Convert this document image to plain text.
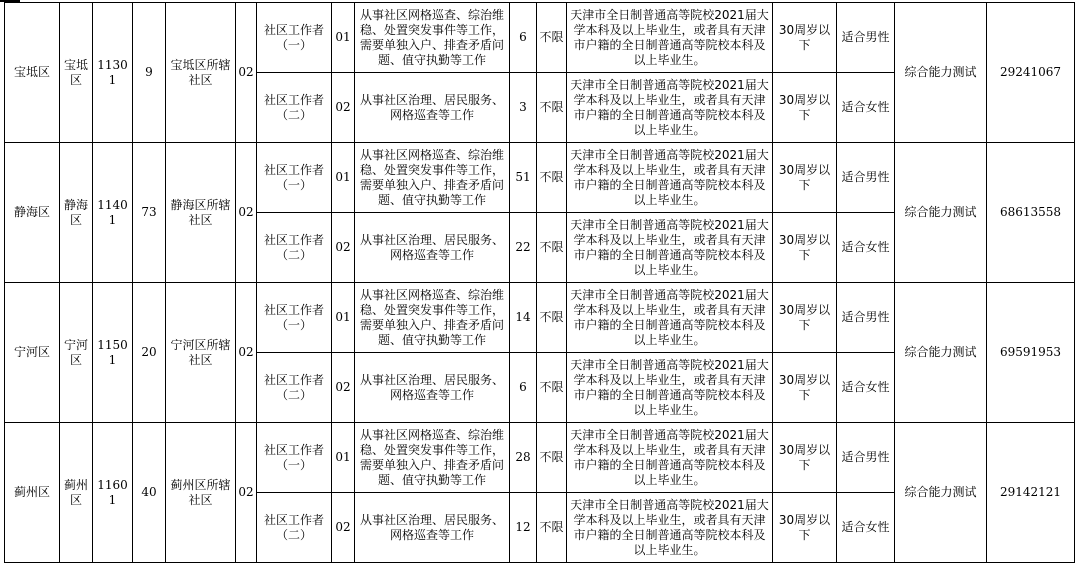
宝坻区	宝坻区	11301	9	宝坻区所辖社区	02	社区工作者（一）	01	从事社区网格巡查、综治维稳、处置突发事件等工作，需要单独入户、排查矛盾问题、值守执勤等工作	6	不限	天津市全日制普通高等院校2021届大学本科及以上毕业生，或者具有天津市户籍的全日制普通高等院校本科及以上毕业生。	30周岁以下	适合男性	综合能力测试	29241067
						社区工作者（二）	02	从事社区治理、居民服务、网格巡查等工作	3	不限	天津市全日制普通高等院校2021届大学本科及以上毕业生，或者具有天津市户籍的全日制普通高等院校本科及以上毕业生。	30周岁以下	适合女性		
静海区	静海区	11401	73	静海区所辖社区	02	社区工作者（一）	01	从事社区网格巡查、综治维稳、处置突发事件等工作，需要单独入户、排查矛盾问题、值守执勤等工作	51	不限	天津市全日制普通高等院校2021届大学本科及以上毕业生，或者具有天津市户籍的全日制普通高等院校本科及以上毕业生。	30周岁以下	适合男性	综合能力测试	68613558
						社区工作者（二）	02	从事社区治理、居民服务、网格巡查等工作	22	不限	天津市全日制普通高等院校2021届大学本科及以上毕业生，或者具有天津市户籍的全日制普通高等院校本科及以上毕业生。	30周岁以下	适合女性		
宁河区	宁河区	11501	20	宁河区所辖社区	02	社区工作者（一）	01	从事社区网格巡查、综治维稳、处置突发事件等工作，需要单独入户、排查矛盾问题、值守执勤等工作	14	不限	天津市全日制普通高等院校2021届大学本科及以上毕业生，或者具有天津市户籍的全日制普通高等院校本科及以上毕业生。	30周岁以下	适合男性	综合能力测试	69591953
						社区工作者（二）	02	从事社区治理、居民服务、网格巡查等工作	6	不限	天津市全日制普通高等院校2021届大学本科及以上毕业生，或者具有天津市户籍的全日制普通高等院校本科及以上毕业生。	30周岁以下	适合女性		
蓟州区	蓟州区	11601	40	蓟州区所辖社区	02	社区工作者（一）	01	从事社区网格巡查、综治维稳、处置突发事件等工作，需要单独入户、排查矛盾问题、值守执勤等工作	28	不限	天津市全日制普通高等院校2021届大学本科及以上毕业生，或者具有天津市户籍的全日制普通高等院校本科及以上毕业生。	30周岁以下	适合男性	综合能力测试	29142121
						社区工作者（二）	02	从事社区治理、居民服务、网格巡查等工作	12	不限	天津市全日制普通高等院校2021届大学本科及以上毕业生，或者具有天津市户籍的全日制普通高等院校本科及以上毕业生。	30周岁以下	适合女性		
